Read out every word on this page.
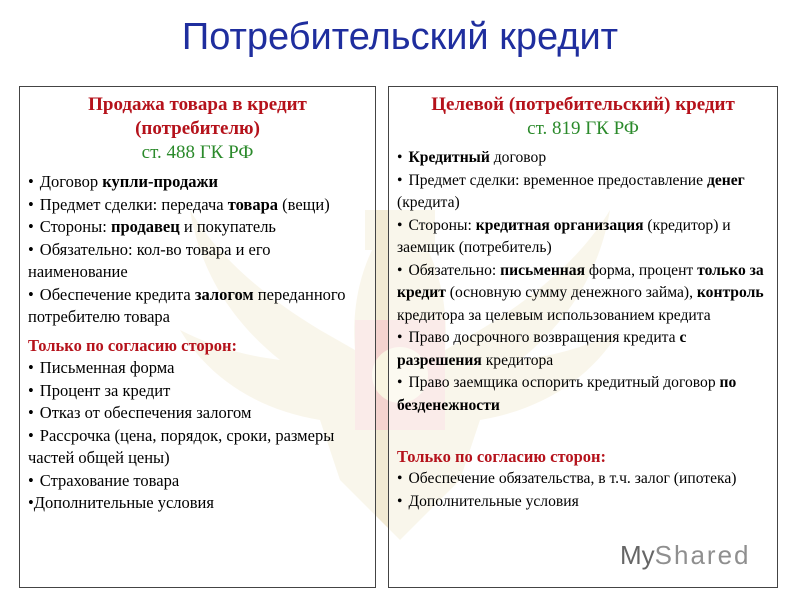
Потребительский кредит
Продажа товара в кредит
(потребителю)
ст. 488 ГК РФ
• Договор купли-продажи
• Предмет сделки: передача товара (вещи)
• Стороны: продавец и покупатель
• Обязательно: кол-во товара и его наименование
• Обеспечение кредита залогом переданного потребителю товара
Только по согласию сторон:
• Письменная форма
• Процент за кредит
• Отказ от обеспечения залогом
• Рассрочка (цена, порядок, сроки, размеры частей общей цены)
• Страхование товара
•Дополнительные условия
Целевой (потребительский) кредит
ст. 819 ГК РФ
• Кредитный договор
• Предмет сделки: временное предоставление денег (кредита)
• Стороны: кредитная организация (кредитор) и заемщик (потребитель)
• Обязательно: письменная форма, процент только за кредит (основную сумму денежного займа), контроль кредитора за целевым использованием кредита
• Право досрочного возвращения кредита с разрешения кредитора
• Право заемщика оспорить кредитный договор по безденежности
Только по согласию сторон:
• Обеспечение обязательства, в т.ч. залог (ипотека)
• Дополнительные условия
MyShared
